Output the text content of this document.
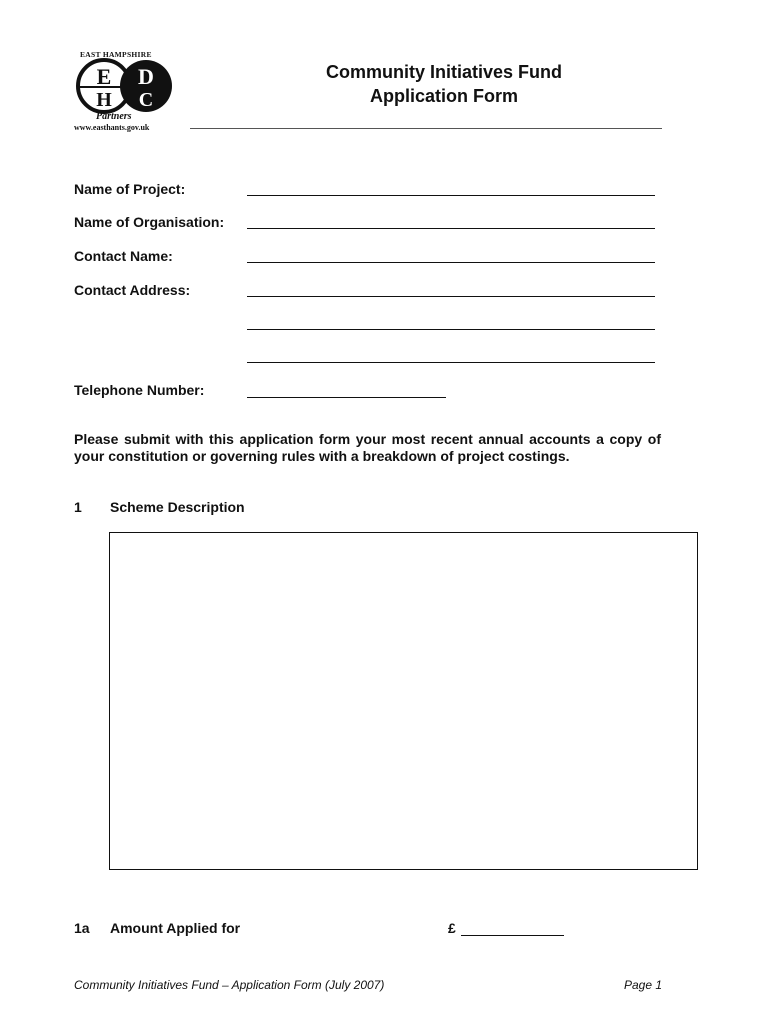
EAST HAMPSHIRE
E D
H C
Partners
www.easthants.gov.uk
Community Initiatives Fund
Application Form
Name of Project:
Name of Organisation:
Contact Name:
Contact Address:
Telephone Number:
Please submit with this application form your most recent annual accounts a copy of your constitution or governing rules with a breakdown of project costings.
1 Scheme Description
1a Amount Applied for	£
Community Initiatives Fund – Application Form (July 2007)	Page 1
